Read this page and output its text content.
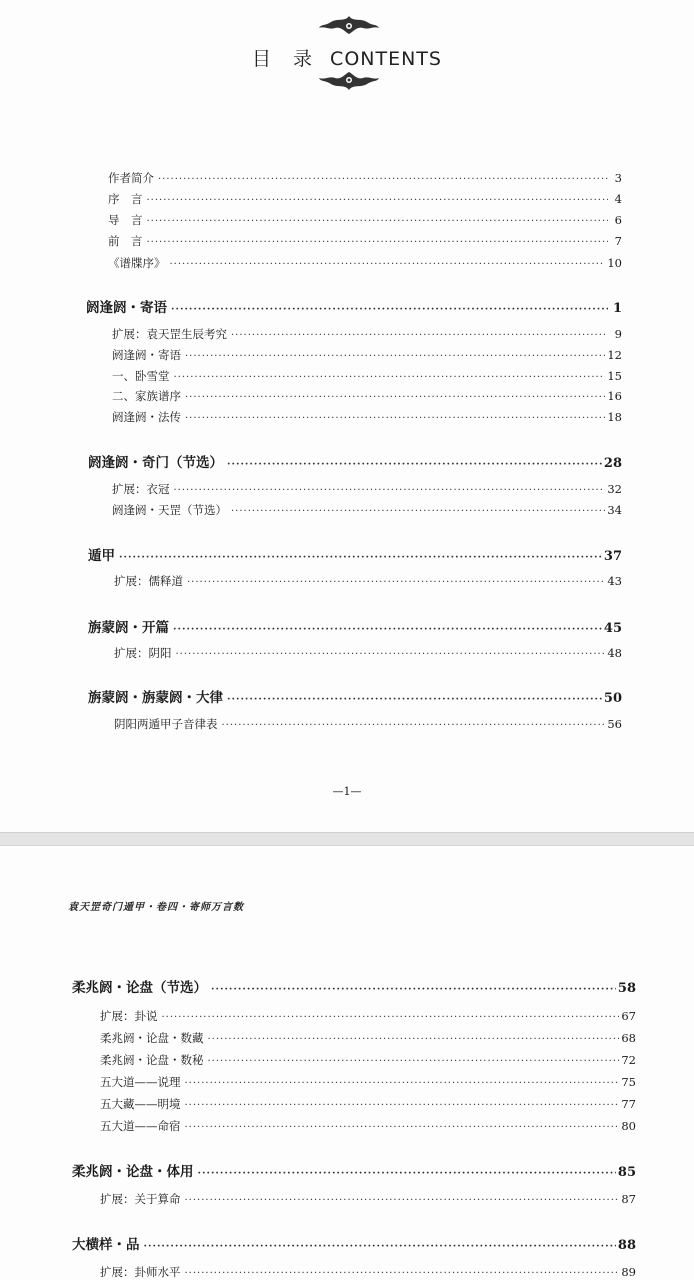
目 录 CONTENTS
作者简介 ·····	3
序　言 ·····	4
导　言 ·····	6
前　言 ·····	7
《谱牒序》 ·····	10
阏逢阏・寄语 ·····	1
扩展：袁天罡生辰考究 ·····	9
阏逢阏・寄语 ·····	12
一、卧雪堂 ·····	15
二、家族谱序 ·····	16
阏逢阏・法传 ·····	18
阏逢阏・奇门（节选） ·····	28
扩展：衣冠 ·····	32
阏逢阏・天罡（节选） ·····	34
遁甲 ·····	37
扩展：儒释道 ·····	43
旃蒙阏・开篇 ·····	45
扩展：阴阳 ·····	48
旃蒙阏・旃蒙阏・大律 ·····	50
阴阳两遁甲子音律表 ·····	56
—1—
袁天罡奇门遁甲・卷四・寄师万言数
柔兆阏・论盘（节选） ·····	58
扩展：卦说 ·····	67
柔兆阏・论盘・数藏 ·····	68
柔兆阏・论盘・数秘 ·····	72
五大道——说理 ·····	75
五大藏——明境 ·····	77
五大道——命宿 ·····	80
柔兆阏・论盘・体用 ·····	85
扩展：关于算命 ·····	87
大横样・品 ·····	88
扩展：卦师水平 ·····	89
